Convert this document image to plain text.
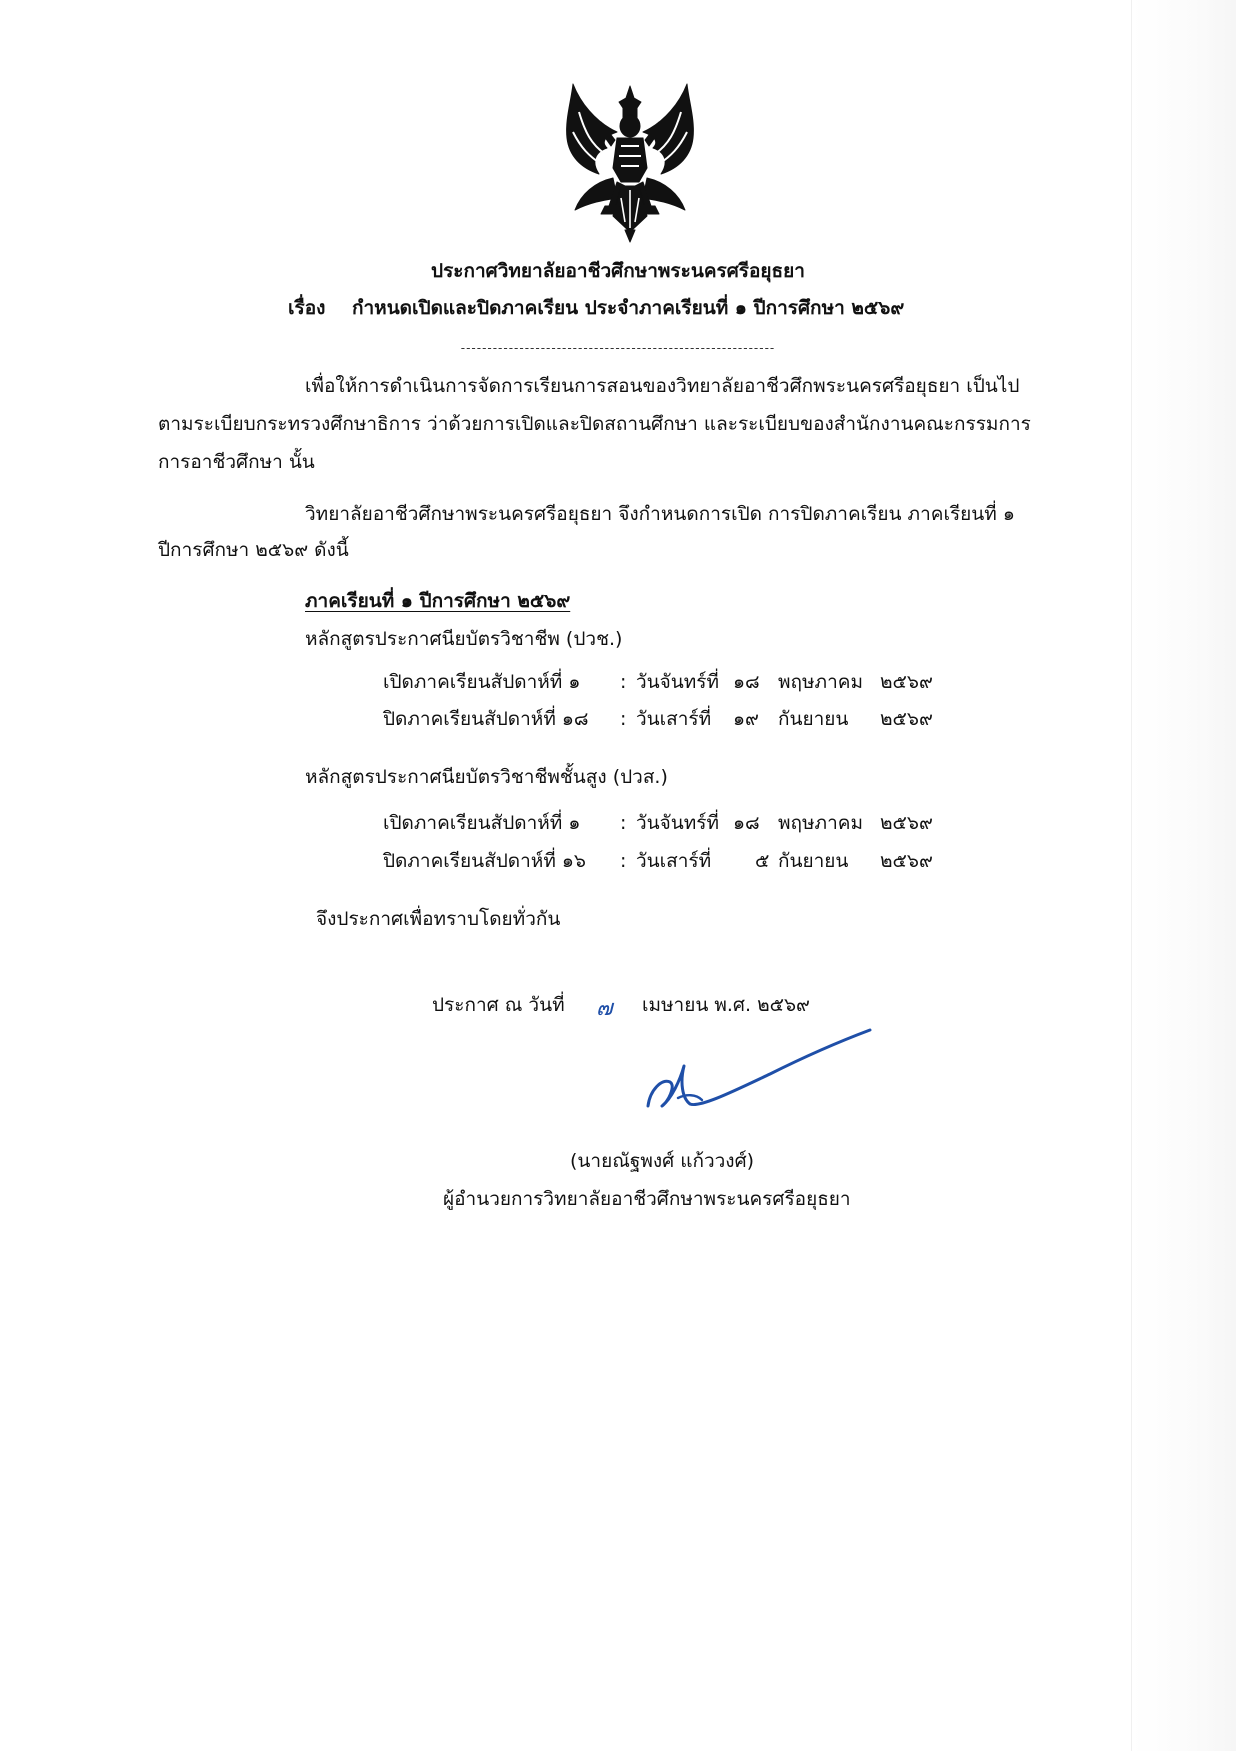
ประกาศวิทยาลัยอาชีวศึกษาพระนครศรีอยุธยา
เรื่อง กำหนดเปิดและปิดภาคเรียน ประจำภาคเรียนที่ ๑ ปีการศึกษา ๒๕๖๙
-----------------------------------------------------------
เพื่อให้การดำเนินการจัดการเรียนการสอนของวิทยาลัยอาชีวศึกพระนครศรีอยุธยา เป็นไป
ตามระเบียบกระทรวงศึกษาธิการ ว่าด้วยการเปิดและปิดสถานศึกษา และระเบียบของสำนักงานคณะกรรมการ
การอาชีวศึกษา นั้น
วิทยาลัยอาชีวศึกษาพระนครศรีอยุธยา จึงกำหนดการเปิด การปิดภาคเรียน ภาคเรียนที่ ๑
ปีการศึกษา ๒๕๖๙ ดังนี้
ภาคเรียนที่ ๑ ปีการศึกษา ๒๕๖๙
หลักสูตรประกาศนียบัตรวิชาชีพ (ปวช.)
เปิดภาคเรียนสัปดาห์ที่ ๑ : วันจันทร์ที่ ๑๘ พฤษภาคม ๒๕๖๙
ปิดภาคเรียนสัปดาห์ที่ ๑๘ : วันเสาร์ที่ ๑๙ กันยายน ๒๕๖๙
หลักสูตรประกาศนียบัตรวิชาชีพชั้นสูง (ปวส.)
เปิดภาคเรียนสัปดาห์ที่ ๑ : วันจันทร์ที่ ๑๘ พฤษภาคม ๒๕๖๙
ปิดภาคเรียนสัปดาห์ที่ ๑๖ : วันเสาร์ที่ ๕ กันยายน ๒๕๖๙
จึงประกาศเพื่อทราบโดยทั่วกัน
ประกาศ ณ วันที่ ๗ เมษายน พ.ศ. ๒๕๖๙
(นายณัฐพงศ์ แก้ววงศ์)
ผู้อำนวยการวิทยาลัยอาชีวศึกษาพระนครศรีอยุธยา
